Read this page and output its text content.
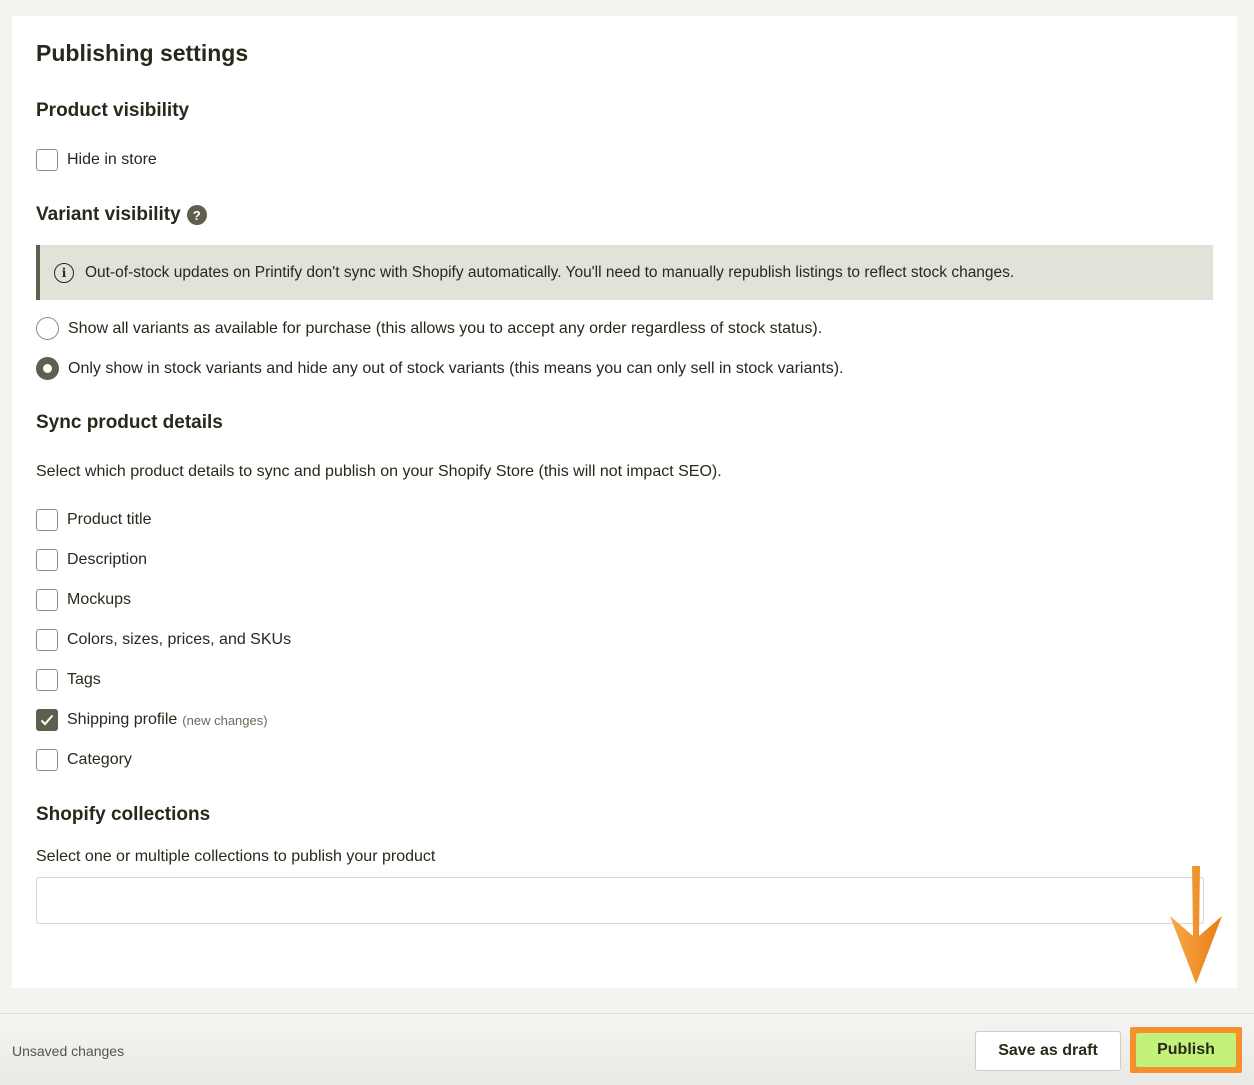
Publishing settings
Product visibility
Hide in store
Variant visibility ?
i	Out-of-stock updates on Printify don't sync with Shopify automatically. You'll need to manually republish listings to reflect stock changes.
Show all variants as available for purchase (this allows you to accept any order regardless of stock status).
Only show in stock variants and hide any out of stock variants (this means you can only sell in stock variants).
Sync product details
Select which product details to sync and publish on your Shopify Store (this will not impact SEO).
Product title
Description
Mockups
Colors, sizes, prices, and SKUs
Tags
Shipping profile (new changes)
Category
Shopify collections
Select one or multiple collections to publish your product
Unsaved changes	Save as draft	Publish
